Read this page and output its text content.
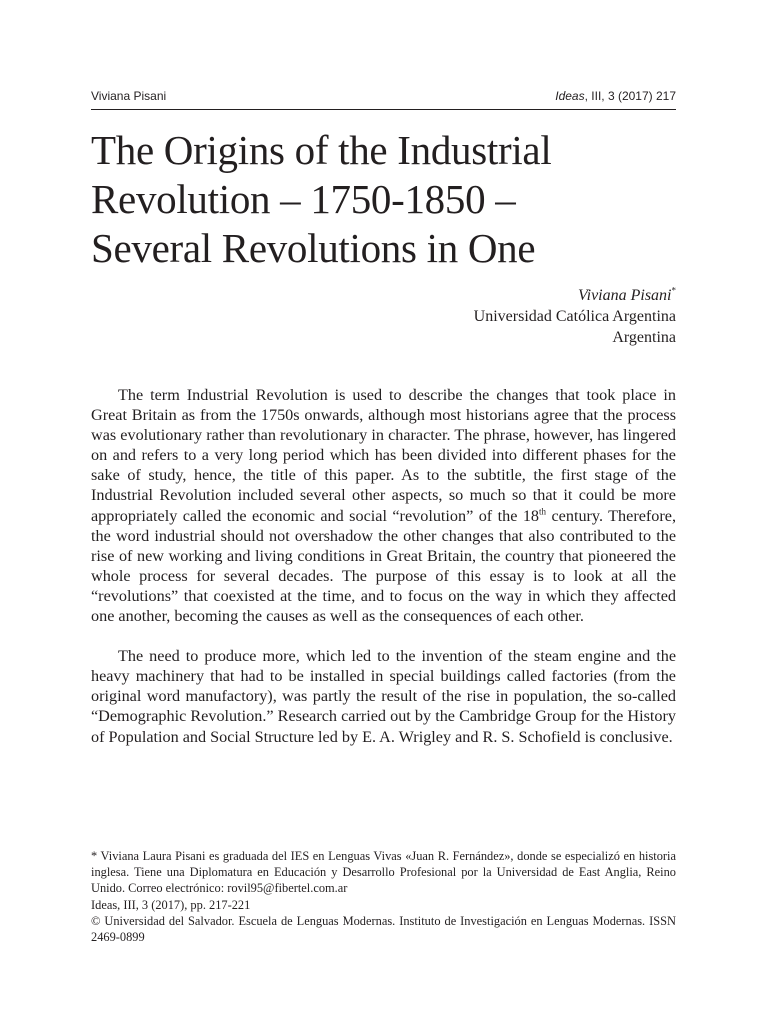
Viviana Pisani	Ideas, III, 3 (2017) 217
The Origins of the Industrial
Revolution – 1750-1850 –
Several Revolutions in One
Viviana Pisani*
Universidad Católica Argentina
Argentina

The term Industrial Revolution is used to describe the changes that took place in Great Britain as from the 1750s onwards, although most historians agree that the process was evolutionary rather than revolutionary in character. The phrase, however, has lingered on and refers to a very long period which has been divided into different phases for the sake of study, hence, the title of this paper. As to the subtitle, the first stage of the Industrial Revolution included several other aspects, so much so that it could be more appropriately called the economic and social “revolution” of the 18th century. Therefore, the word industrial should not overshadow the other changes that also contributed to the rise of new working and living conditions in Great Britain, the country that pioneered the whole process for several decades. The purpose of this essay is to look at all the “revolutions” that coexisted at the time, and to focus on the way in which they affected one another, becoming the causes as well as the consequences of each other.

The need to produce more, which led to the invention of the steam engine and the heavy machinery that had to be installed in special buildings called factories (from the original word manufactory), was partly the result of the rise in population, the so-called “Demographic Revolution.” Research carried out by the Cambridge Group for the History of Population and Social Structure led by E. A. Wrigley and R. S. Schofield is conclusive.

* Viviana Laura Pisani es graduada del IES en Lenguas Vivas «Juan R. Fernández», donde se especializó en historia inglesa. Tiene una Diplomatura en Educación y Desarrollo Profesional por la Universidad de East Anglia, Reino Unido. Correo electrónico: rovil95@fibertel.com.ar

Ideas, III, 3 (2017), pp. 217-221

© Universidad del Salvador. Escuela de Lenguas Modernas. Instituto de Investigación en Lenguas Modernas. ISSN 2469-0899
